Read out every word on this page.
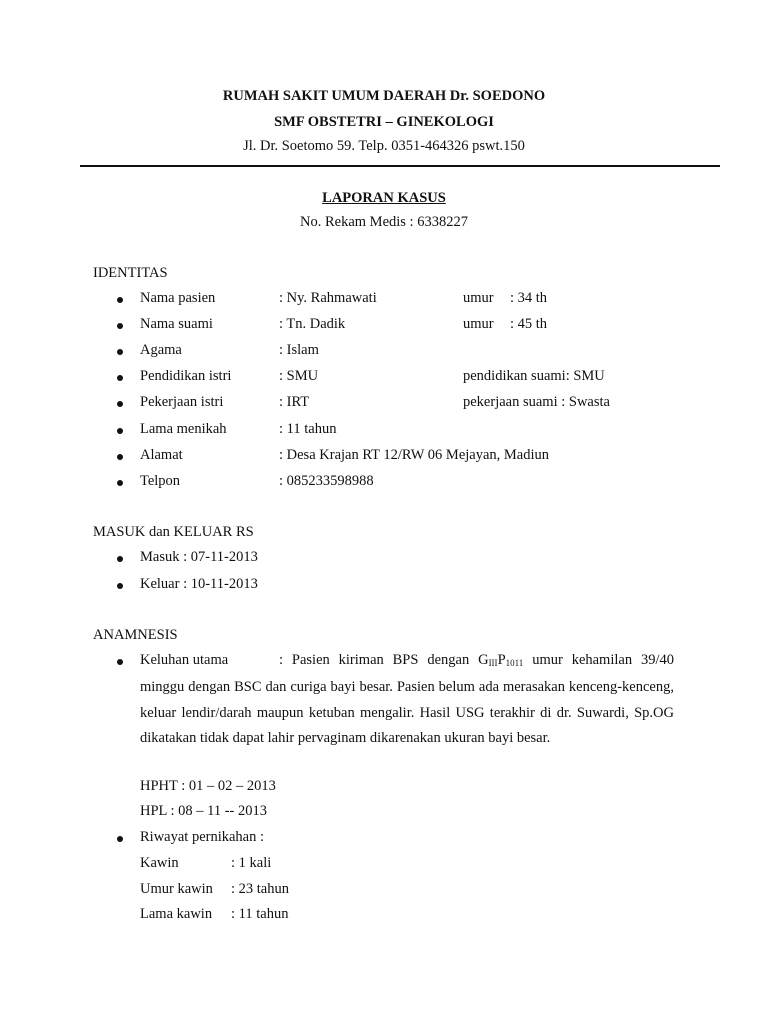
RUMAH SAKIT UMUM DAERAH Dr. SOEDONO
SMF OBSTETRI – GINEKOLOGI
Jl. Dr. Soetomo 59. Telp. 0351-464326 pswt.150
LAPORAN KASUS
No. Rekam Medis : 6338227
IDENTITAS
Nama pasien	: Ny. Rahmawati	umur : 34 th
Nama suami	: Tn. Dadik	umur : 45 th
Agama	: Islam
Pendidikan istri	: SMU	pendidikan suami: SMU
Pekerjaan istri	: IRT	pekerjaan suami : Swasta
Lama menikah	: 11 tahun
Alamat	: Desa Krajan RT 12/RW 06 Mejayan, Madiun
Telpon	: 085233598988
MASUK dan KELUAR RS
Masuk : 07-11-2013
Keluar : 10-11-2013
ANAMNESIS
Keluhan utama	: Pasien kiriman BPS dengan $G_{III}P_{1011}$ umur kehamilan 39/40
minggu dengan BSC dan curiga bayi besar. Pasien belum ada merasakan kenceng-kenceng, keluar lendir/darah maupun ketuban mengalir. Hasil USG terakhir di dr. Suwardi, Sp.OG dikatakan tidak dapat lahir pervaginam dikarenakan ukuran bayi besar.
HPHT : 01 – 02 – 2013
HPL : 08 – 11 -- 2013
Riwayat pernikahan :
Kawin	: 1 kali
Umur kawin : 23 tahun
Lama kawin : 11 tahun
